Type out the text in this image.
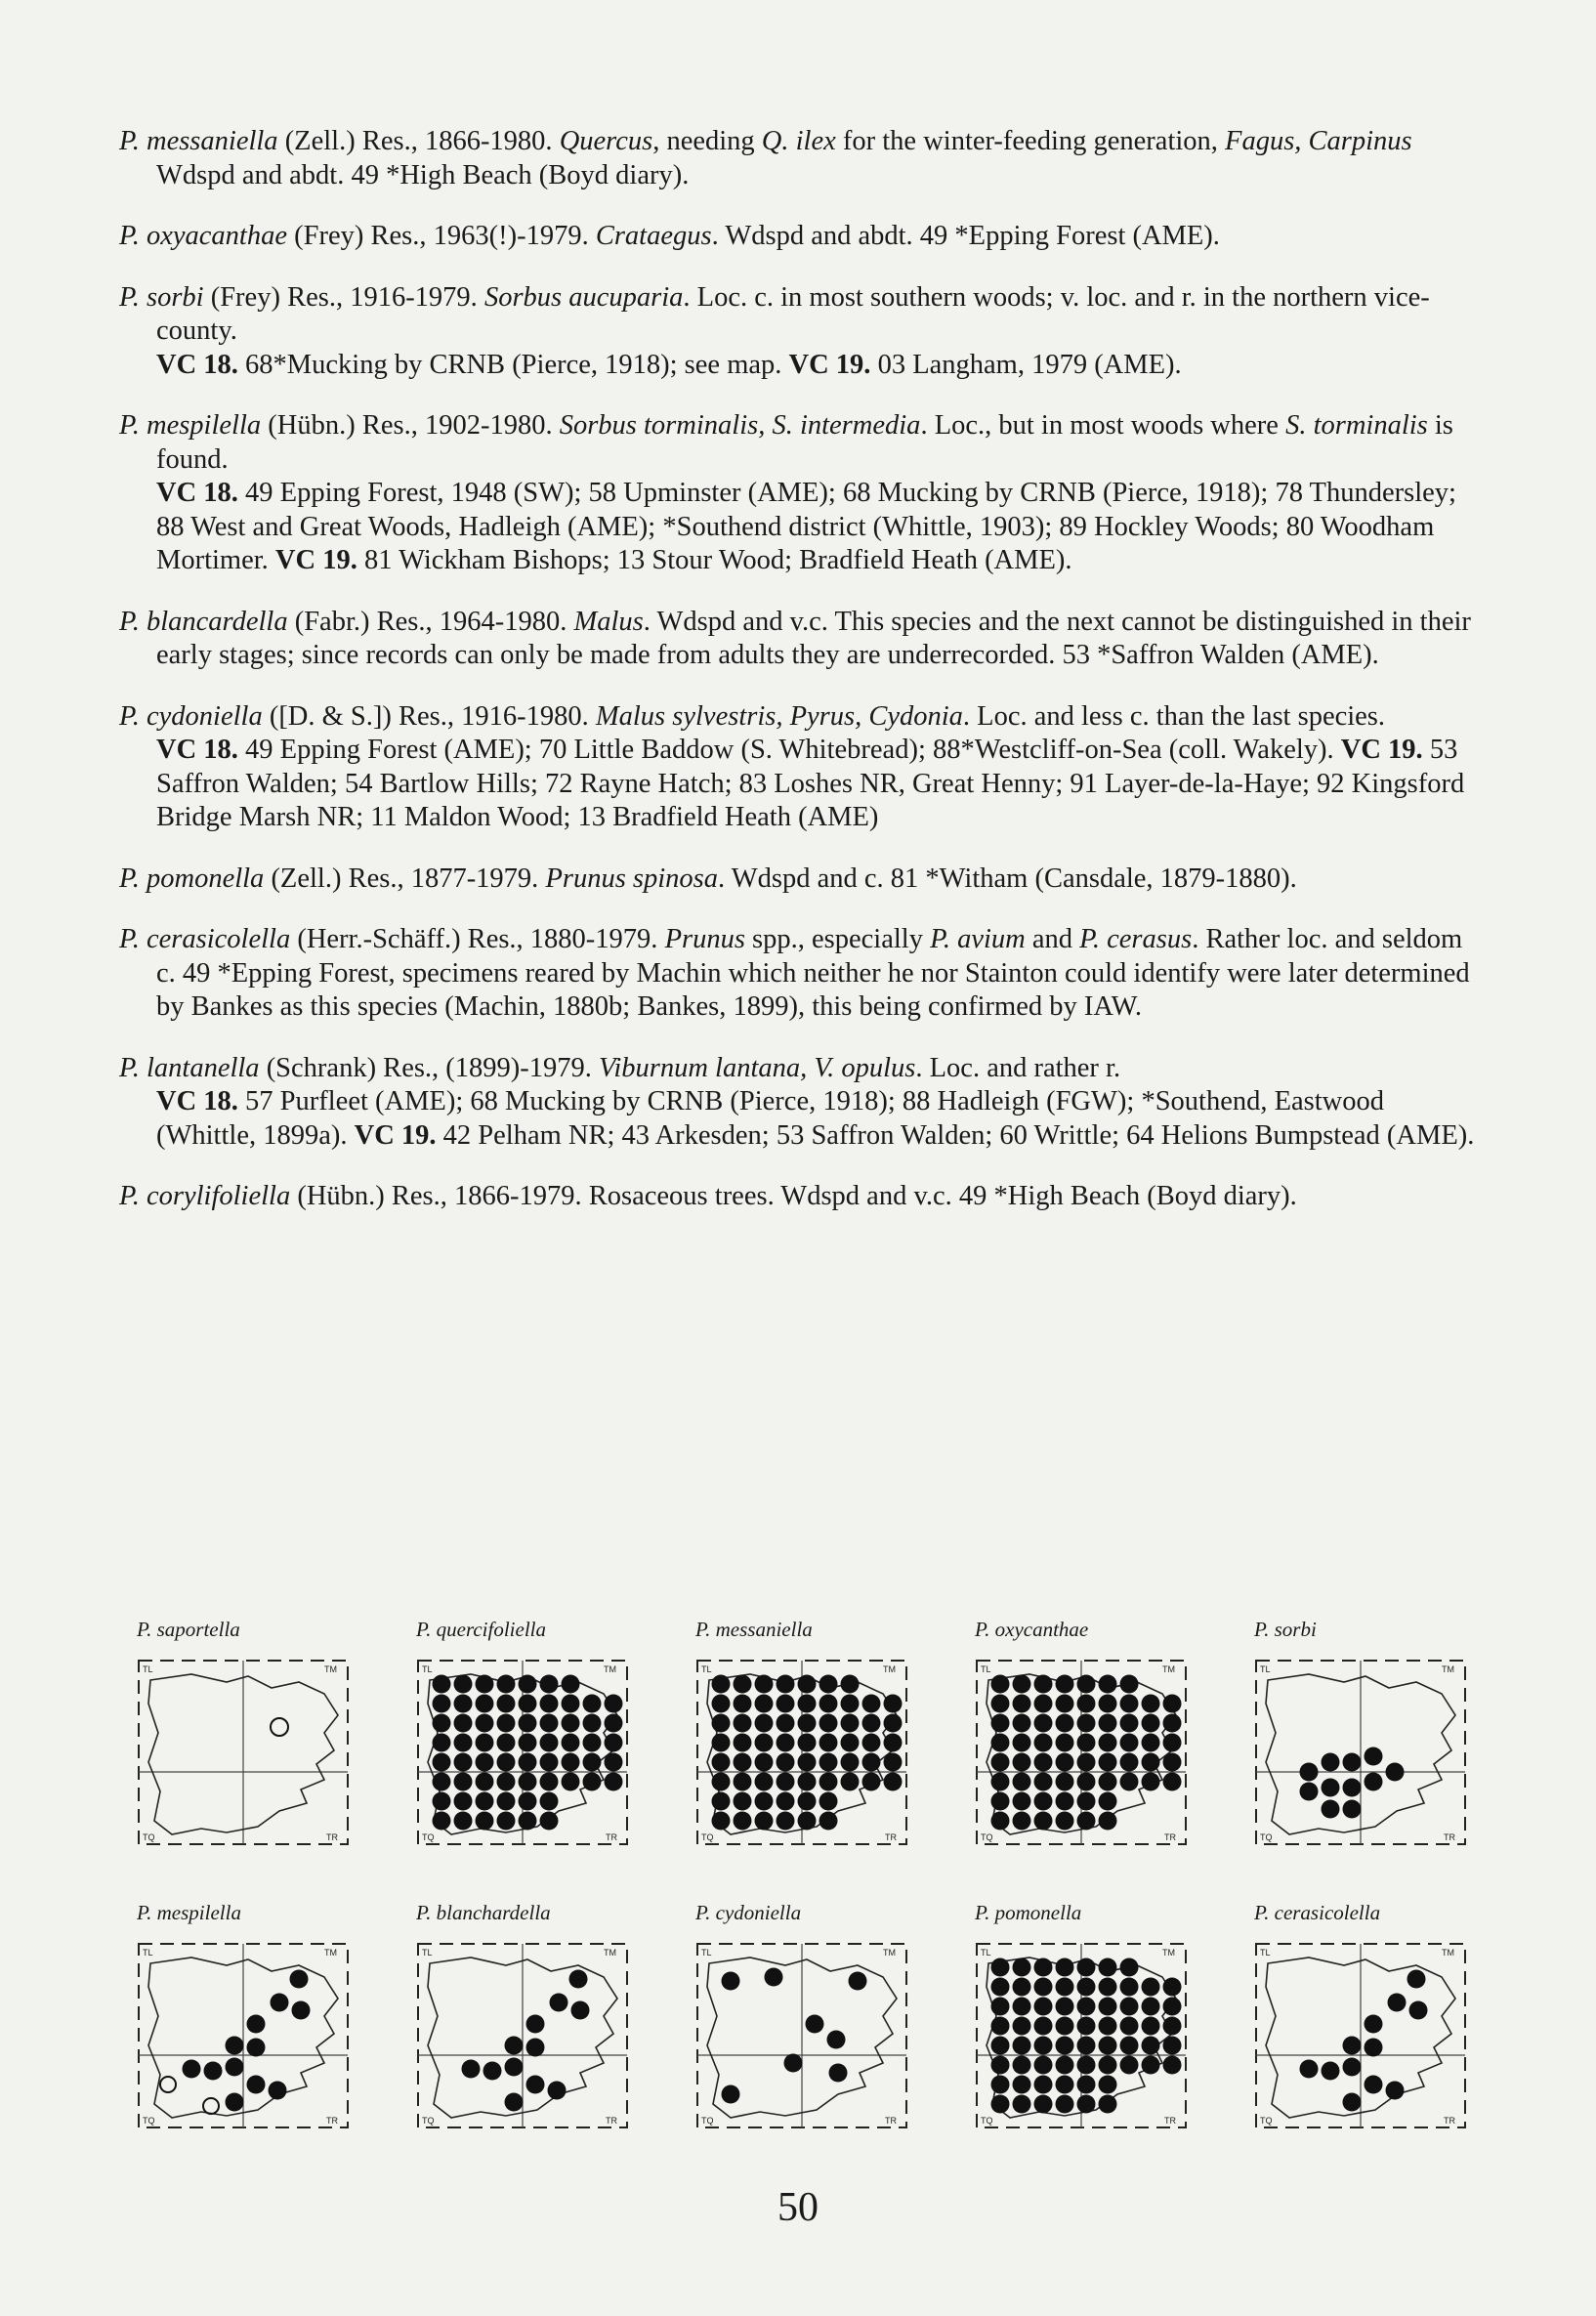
P. messaniella (Zell.) Res., 1866-1980. Quercus, needing Q. ilex for the winter-feeding generation, Fagus, Carpinus Wdspd and abdt. 49 *High Beach (Boyd diary).

P. oxyacanthae (Frey) Res., 1963(!)-1979. Crataegus. Wdspd and abdt. 49 *Epping Forest (AME).

P. sorbi (Frey) Res., 1916-1979. Sorbus aucuparia. Loc. c. in most southern woods; v. loc. and r. in the northern vice-county.

VC 18. 68*Mucking by CRNB (Pierce, 1918); see map. VC 19. 03 Langham, 1979 (AME).

P. mespilella (Hübn.) Res., 1902-1980. Sorbus torminalis, S. intermedia. Loc., but in most woods where S. torminalis is found.

VC 18. 49 Epping Forest, 1948 (SW); 58 Upminster (AME); 68 Mucking by CRNB (Pierce, 1918); 78 Thundersley; 88 West and Great Woods, Hadleigh (AME); *Southend district (Whittle, 1903); 89 Hockley Woods; 80 Woodham Mortimer. VC 19. 81 Wickham Bishops; 13 Stour Wood; Bradfield Heath (AME).

P. blancardella (Fabr.) Res., 1964-1980. Malus. Wdspd and v.c. This species and the next cannot be distinguished in their early stages; since records can only be made from adults they are underrecorded. 53 *Saffron Walden (AME).

P. cydoniella ([D. & S.]) Res., 1916-1980. Malus sylvestris, Pyrus, Cydonia. Loc. and less c. than the last species.

VC 18. 49 Epping Forest (AME); 70 Little Baddow (S. Whitebread); 88*Westcliff-on-Sea (coll. Wakely). VC 19. 53 Saffron Walden; 54 Bartlow Hills; 72 Rayne Hatch; 83 Loshes NR, Great Henny; 91 Layer-de-la-Haye; 92 Kingsford Bridge Marsh NR; 11 Maldon Wood; 13 Bradfield Heath (AME)

P. pomonella (Zell.) Res., 1877-1979. Prunus spinosa. Wdspd and c. 81 *Witham (Cansdale, 1879-1880).

P. cerasicolella (Herr.-Schäff.) Res., 1880-1979. Prunus spp., especially P. avium and P. cerasus. Rather loc. and seldom c. 49 *Epping Forest, specimens reared by Machin which neither he nor Stainton could identify were later determined by Bankes as this species (Machin, 1880b; Bankes, 1899), this being confirmed by IAW.

P. lantanella (Schrank) Res., (1899)-1979. Viburnum lantana, V. opulus. Loc. and rather r.

VC 18. 57 Purfleet (AME); 68 Mucking by CRNB (Pierce, 1918); 88 Hadleigh (FGW); *Southend, Eastwood (Whittle, 1899a). VC 19. 42 Pelham NR; 43 Arkesden; 53 Saffron Walden; 60 Writtle; 64 Helions Bumpstead (AME).

P. corylifoliella (Hübn.) Res., 1866-1979. Rosaceous trees. Wdspd and v.c. 49 *High Beach (Boyd diary).

P. saportella
TL	TM
TQ	TR
P. quercifoliella
TL	TM
TQ	TR
P. messaniella
TL	TM
TQ	TR
P. oxycanthae
TL	TM
TQ	TR
P. sorbi
TL	TM
TQ	TR
P. mespilella
TL	TM
TQ	TR
P. blanchardella
TL	TM
TQ	TR
P. cydoniella
TL	TM
TQ	TR
P. pomonella
TL	TM
TQ	TR
P. cerasicolella
TL	TM
TQ	TR
50
